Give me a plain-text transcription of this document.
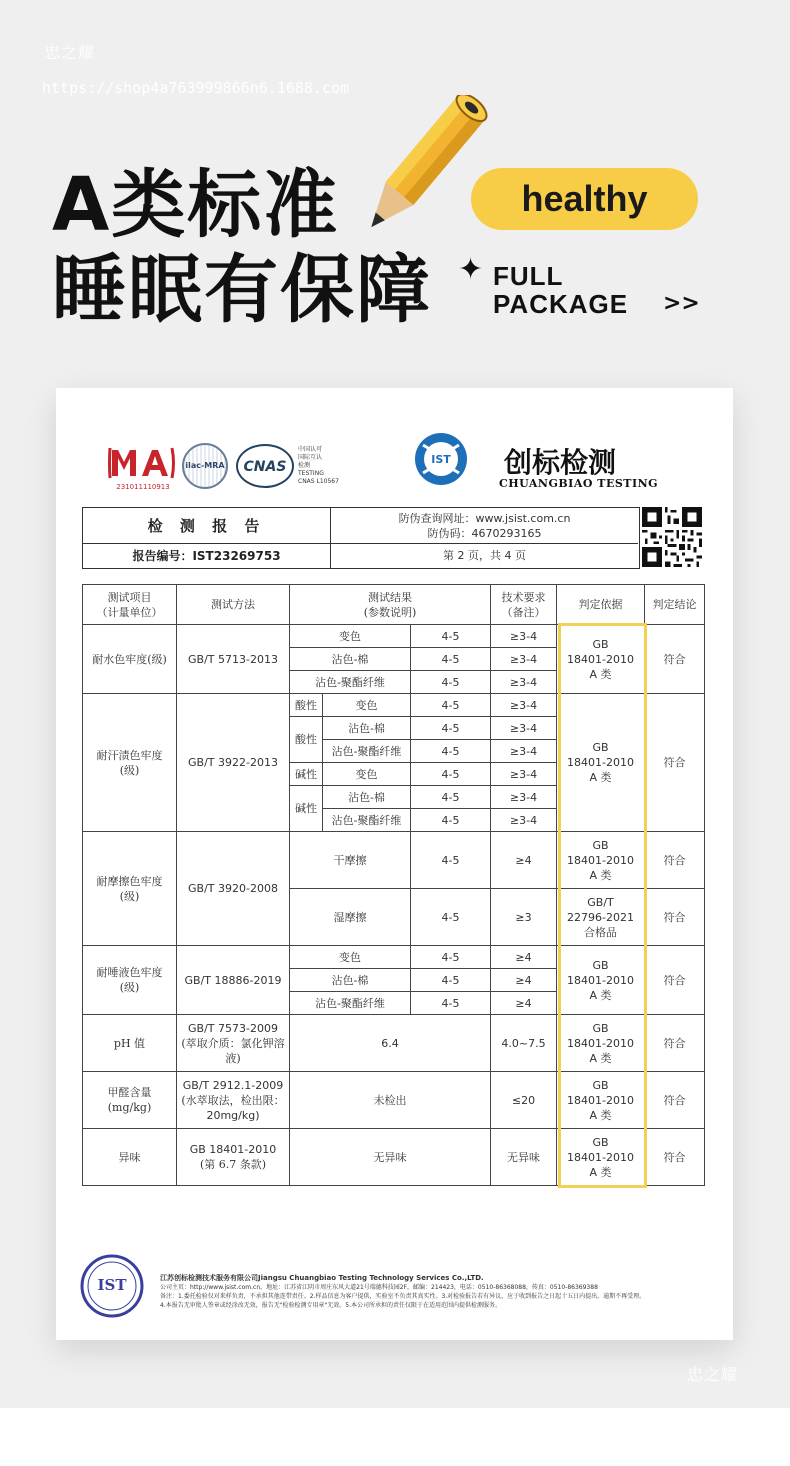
忠之耀
https://shop4a763999866n6.1688.com
A类标准
睡眠有保障
healthy
✦ FULL
PACKAGE >>
231011110913
ilac-MRA	CNAS
中国认可
国际互认
检测
TESTING
CNAS L10567
IST 创标检测
CHUANGBIAO TESTING
检 测 报 告
报告编号：IST23269753
防伪查询网址：www.jsist.com.cn
防伪码：4670293165
第 2 页，共 4 页
测试项目
（计量单位）	测试方法	测试结果
(参数说明)			技术要求
（备注）	判定依据	判定结论
耐水色牢度(级)	GB/T 5713-2013	变色		4-5	≥3-4	GB
18401-2010
A 类	符合
		沾色-棉		4-5	≥3-4		
		沾色-聚酯纤维		4-5	≥3-4		
耐汗渍色牢度
(级)	GB/T 3922-2013	酸性	变色	4-5	≥3-4	GB
18401-2010
A 类	符合
		酸性	沾色-棉	4-5	≥3-4		
			沾色-聚酯纤维	4-5	≥3-4		
		碱性	变色	4-5	≥3-4		
		碱性	沾色-棉	4-5	≥3-4		
			沾色-聚酯纤维	4-5	≥3-4		
耐摩擦色牢度
(级)	GB/T 3920-2008	干摩擦		4-5	≥4	GB
18401-2010
A 类	符合
		湿摩擦		4-5	≥3	GB/T
22796-2021
合格品	符合
耐唾液色牢度
(级)	GB/T 18886-2019	变色		4-5	≥4	GB
18401-2010
A 类	符合
		沾色-棉		4-5	≥4		
		沾色-聚酯纤维		4-5	≥4		
pH 值	GB/T 7573-2009
(萃取介质：氯化钾溶
液)	6.4			4.0~7.5	GB
18401-2010
A 类	符合
甲醛含量
(mg/kg)	GB/T 2912.1-2009
(水萃取法，检出限：
20mg/kg)	未检出			≤20	GB
18401-2010
A 类	符合
异味	GB 18401-2010
(第 6.7 条款)	无异味			无异味	GB
18401-2010
A 类	符合
IST	江苏创标检测技术服务有限公司Jiangsu Chuangbiao Testing Technology Services Co.,LTD.
公司主页：http://www.jsist.com.cn，地址：江苏省江阴市周庄东风大道21号瑞德科技园2F，邮编：214423，电话：0510-86368088，传真：0510-86369388
备注：1.委托检验仅对来样负责，不承担其他连带责任。2.样品信息为客户提供，实验室不负责其真实性。3.对检验报告若有异议，应于收到报告之日起十五日内提出，逾期不再受理。
4.本报告无审批人签章或经涂改无效，报告无"检验检测专用章"无效。5.本公司所承担的责任仅限于在适用范围内提供检测服务。
忠之耀
